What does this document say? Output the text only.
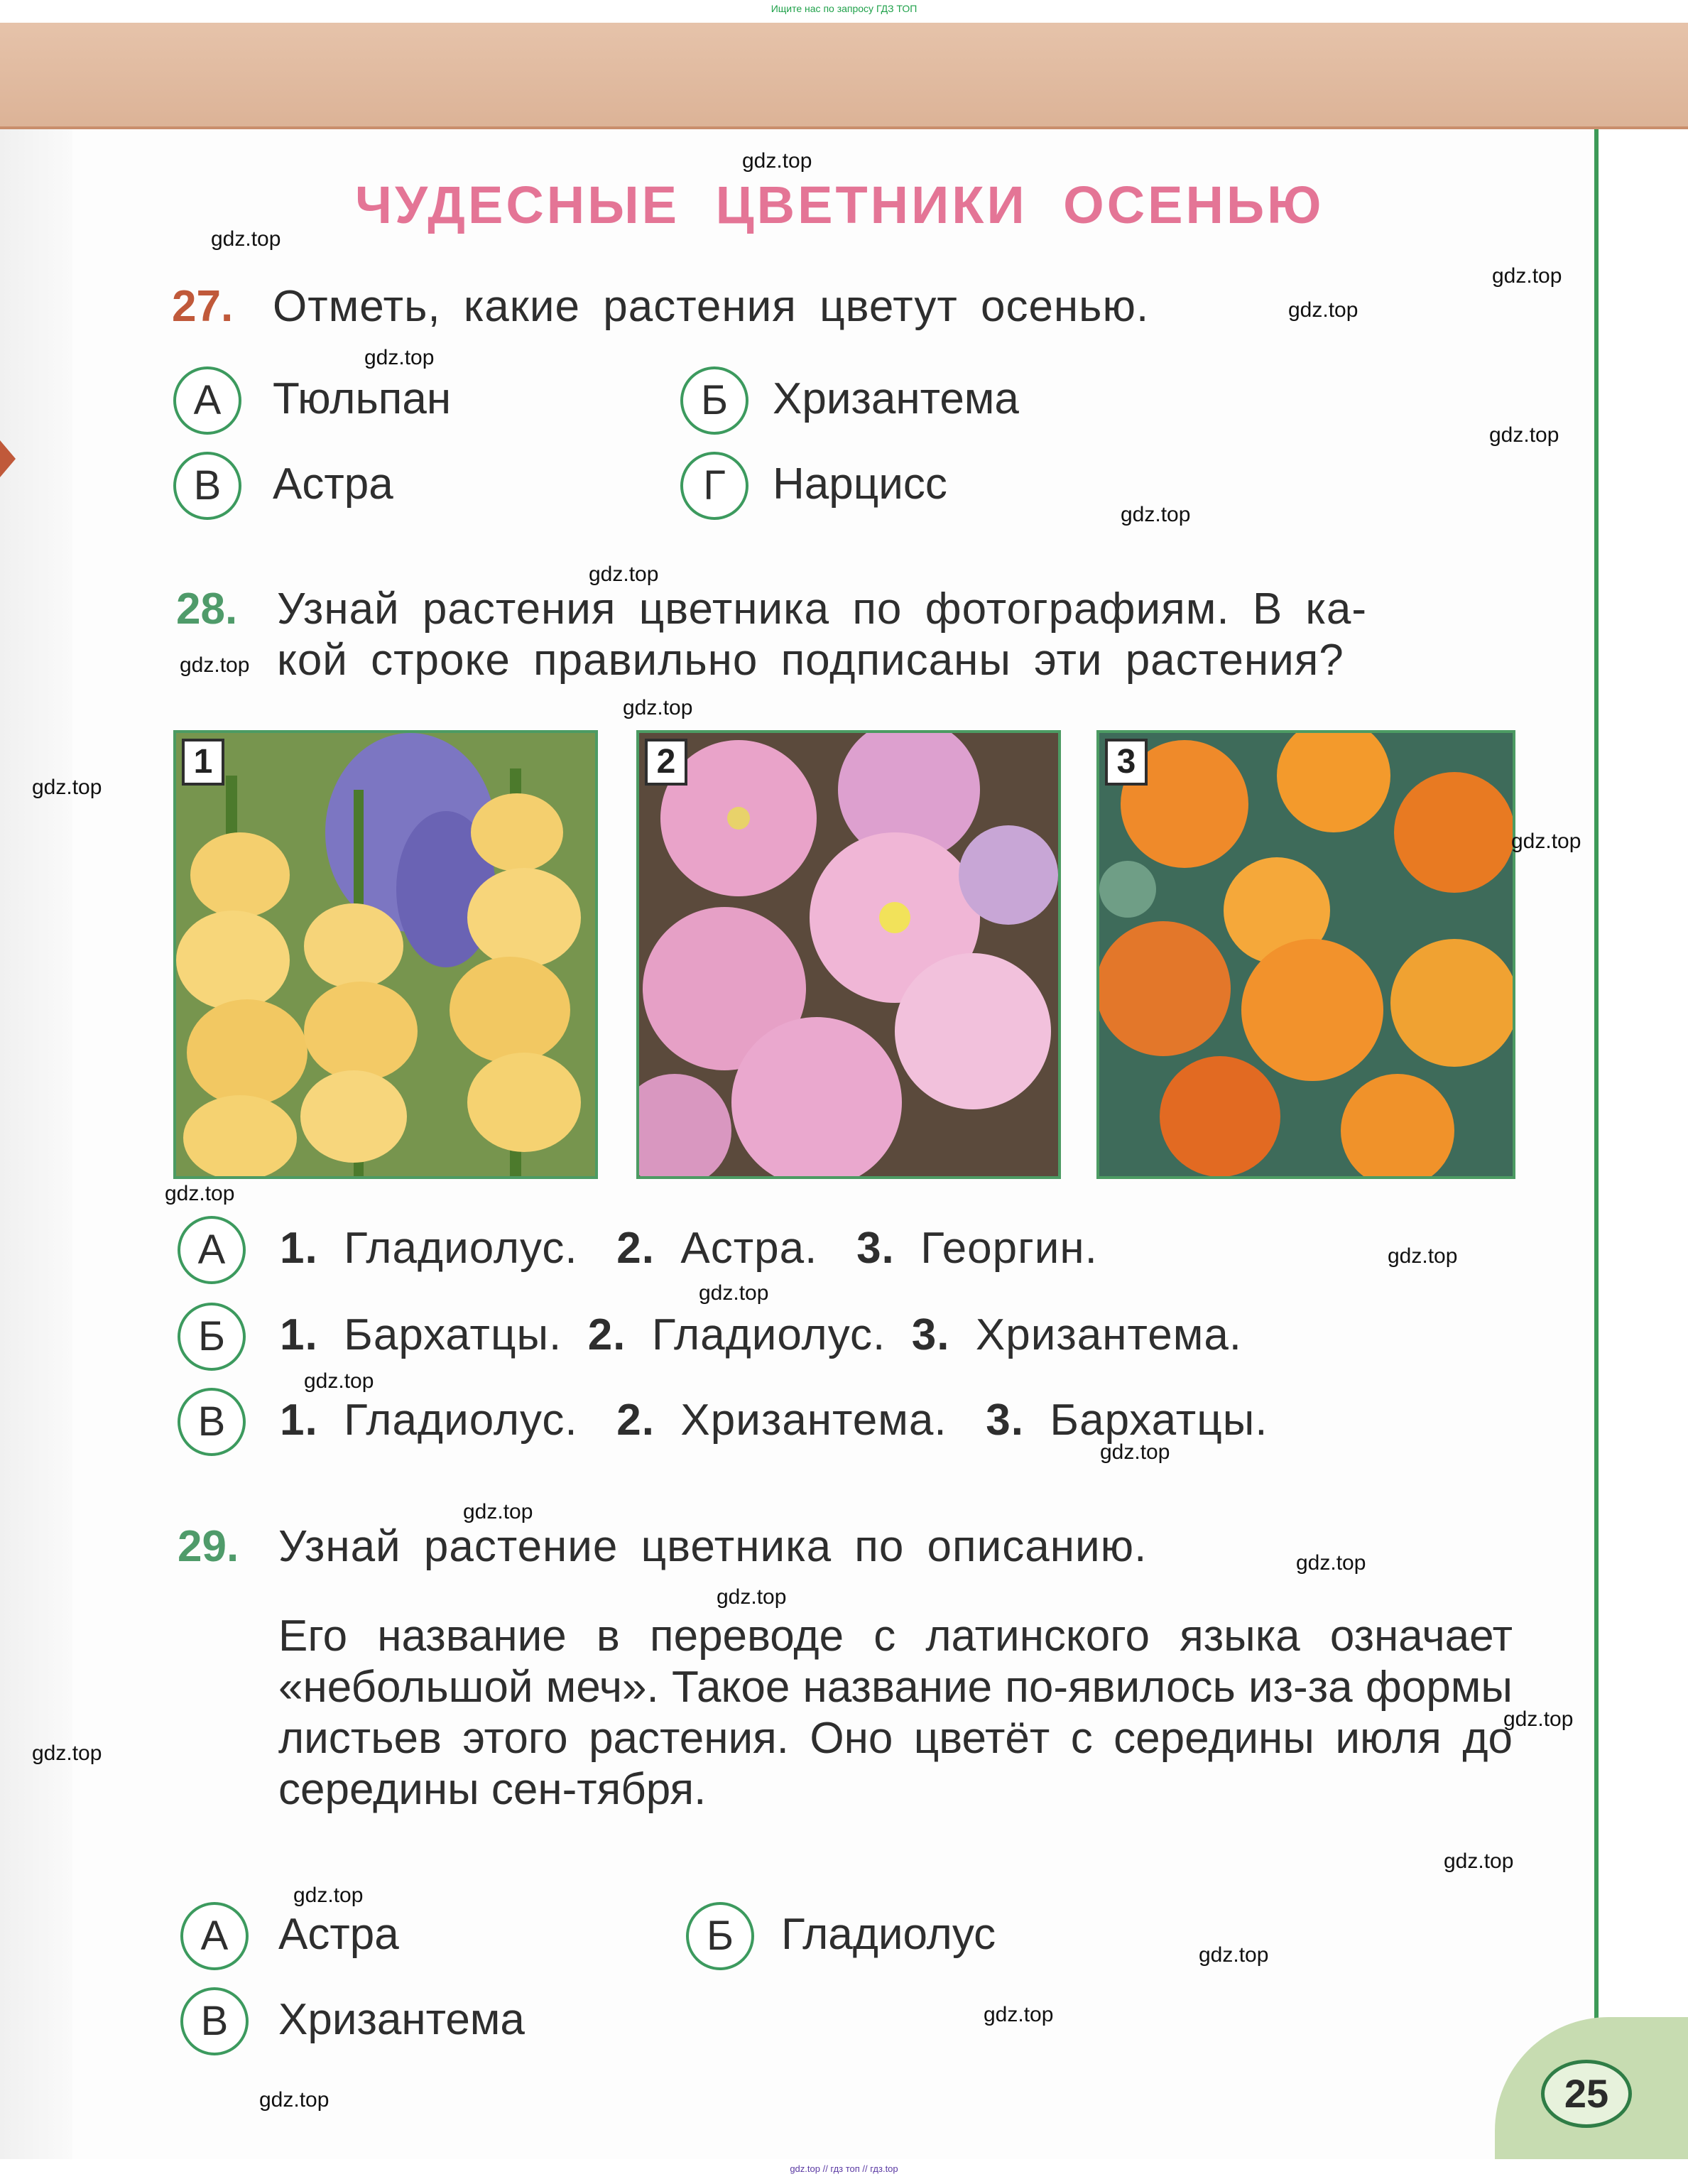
Ищите нас по запросу ГДЗ ТОП
25
ЧУДЕСНЫЕ ЦВЕТНИКИ ОСЕНЬЮ
27. Отметь, какие растения цветут осенью.
А	Тюльпан	Б	Хризантема
В	Астра	Г	Нарцисс
28. Узнай растения цветника по фотографиям. В ка-
кой строке правильно подписаны эти растения?
1	2	3
А	1. Гладиолус. 2. Астра. 3. Георгин.
Б	1. Бархатцы. 2. Гладиолус. 3. Хризантема.
В	1. Гладиолус. 2. Хризантема. 3. Бархатцы.
29. Узнай растение цветника по описанию.
Его название в переводе с латинского языка означает «небольшой меч». Такое название по-явилось из-за формы листьев этого растения. Оно цветёт с середины июля до середины сен-тября.
А	Астра	Б	Гладиолус
В	Хризантема
gdz.top
gdz.top
gdz.top
gdz.top
gdz.top
gdz.top
gdz.top
gdz.top
gdz.top
gdz.top
gdz.top
gdz.top
gdz.top
gdz.top
gdz.top
gdz.top
gdz.top
gdz.top
gdz.top
gdz.top
gdz.top
gdz.top
gdz.top
gdz.top
gdz.top
gdz.top
gdz.top
gdz.top // гдз топ // гдз.top
